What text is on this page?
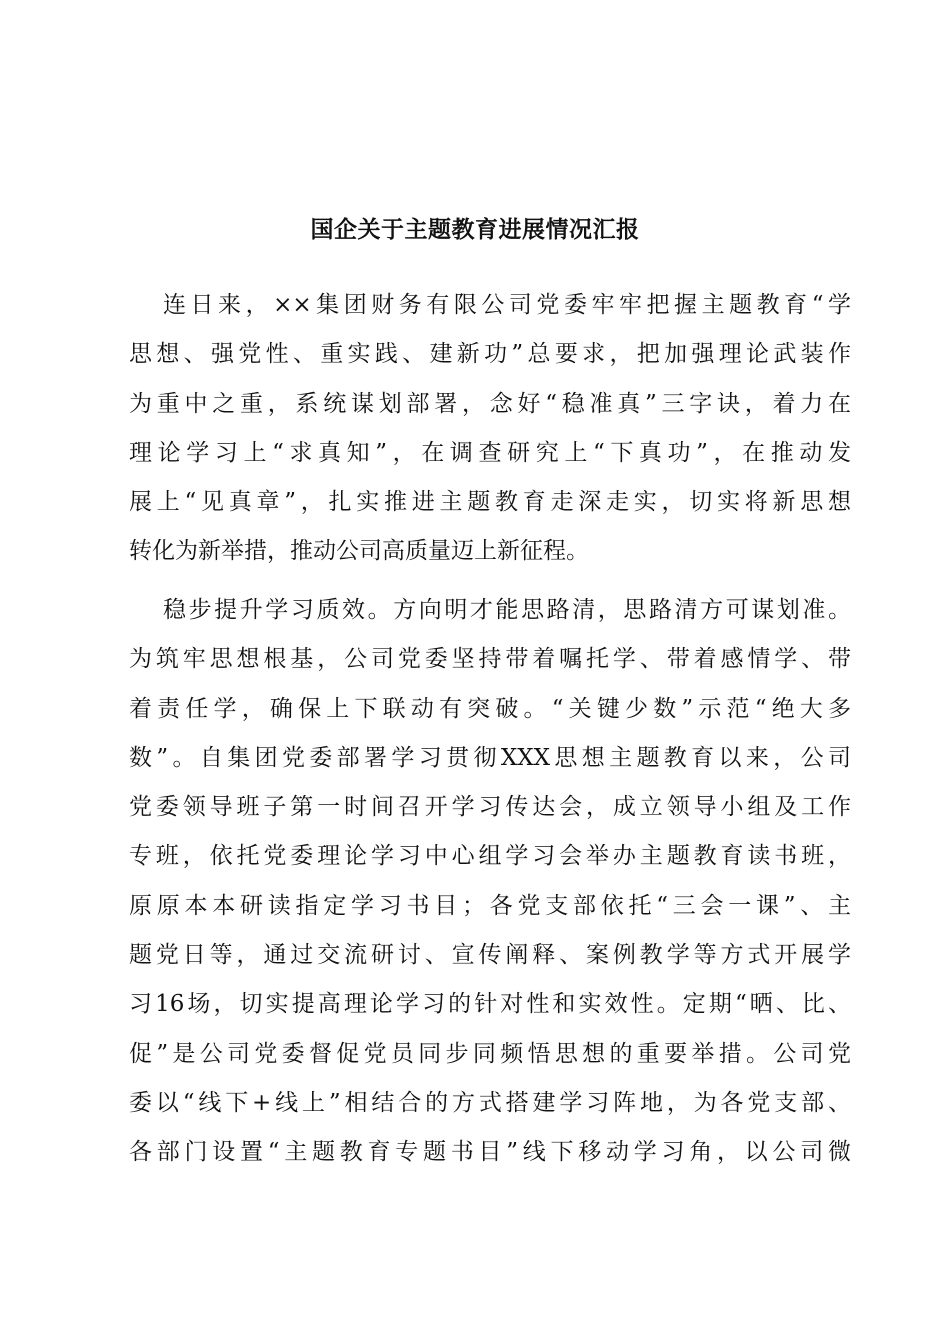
国企关于主题教育进展情况汇报
连日来，××集团财务有限公司党委牢牢把握主题教育“学
思想、强党性、重实践、建新功”总要求，把加强理论武装作
为重中之重，系统谋划部署，念好“稳准真”三字诀，着力在
理论学习上“求真知”，在调查研究上“下真功”，在推动发
展上“见真章”，扎实推进主题教育走深走实，切实将新思想
转化为新举措，推动公司高质量迈上新征程。
稳步提升学习质效。方向明才能思路清，思路清方可谋划准。
为筑牢思想根基，公司党委坚持带着嘱托学、带着感情学、带
着责任学，确保上下联动有突破。“关键少数”示范“绝大多
数”。自集团党委部署学习贯彻XXX思想主题教育以来，公司
党委领导班子第一时间召开学习传达会，成立领导小组及工作
专班，依托党委理论学习中心组学习会举办主题教育读书班，
原原本本研读指定学习书目；各党支部依托“三会一课”、主
题党日等，通过交流研讨、宣传阐释、案例教学等方式开展学
习16场，切实提高理论学习的针对性和实效性。定期“晒、比、
促”是公司党委督促党员同步同频悟思想的重要举措。公司党
委以“线下+线上”相结合的方式搭建学习阵地，为各党支部、
各部门设置“主题教育专题书目”线下移动学习角，以公司微
